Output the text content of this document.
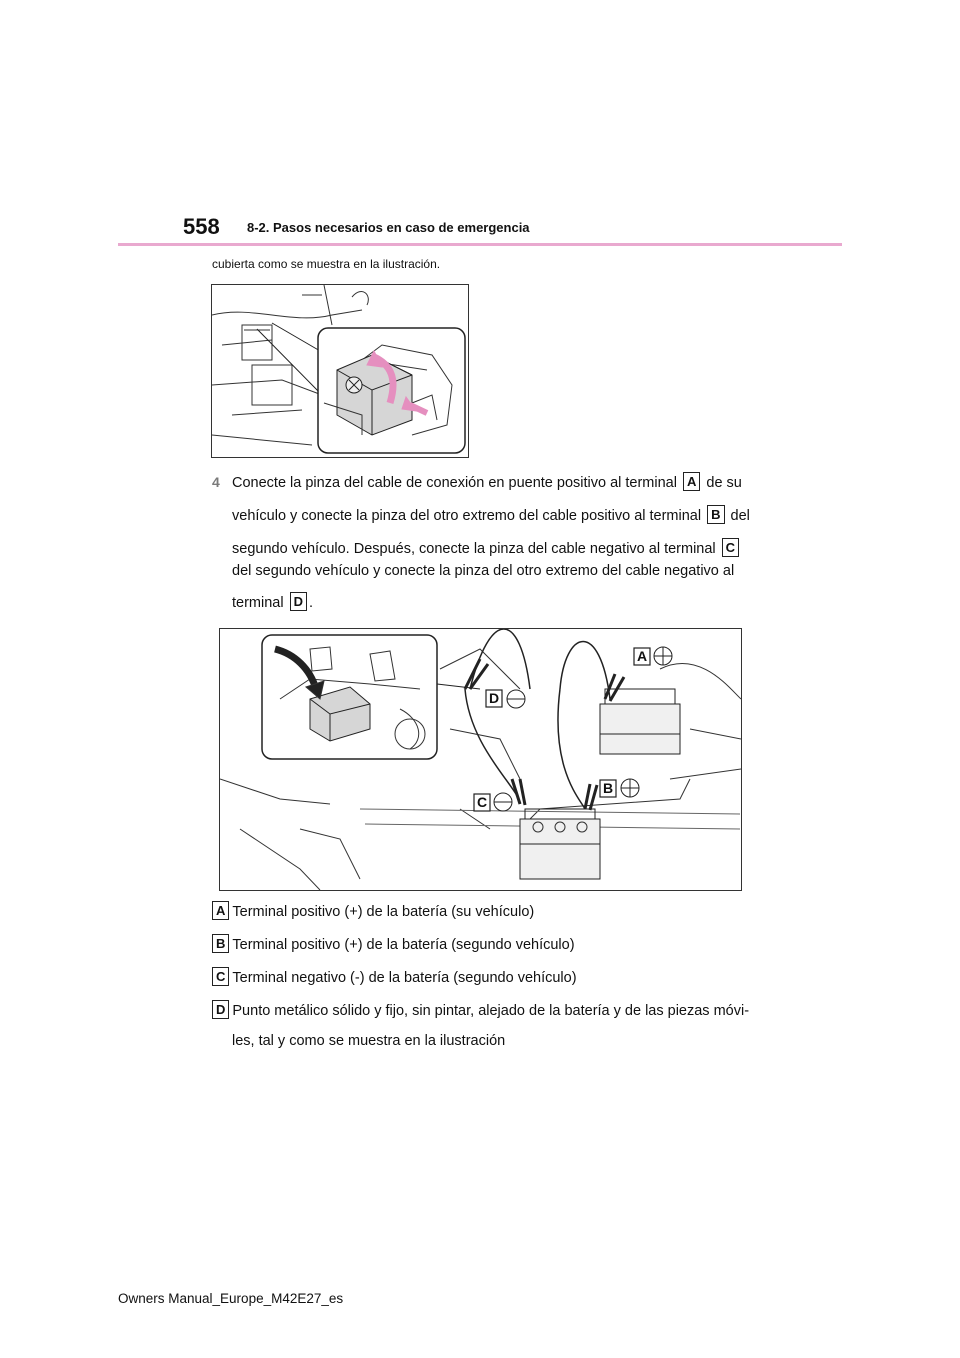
558 8-2. Pasos necesarios en caso de emergencia
cubierta como se muestra en la ilustración.
4 Conecte la pinza del cable de conexión en puente positivo al terminal A de su
vehículo y conecte la pinza del otro extremo del cable positivo al terminal B del
segundo vehículo. Después, conecte la pinza del cable negativo al terminal C
del segundo vehículo y conecte la pinza del otro extremo del cable negativo al
terminal D .
A
D
C
B
A Terminal positivo (+) de la batería (su vehículo)
B Terminal positivo (+) de la batería (segundo vehículo)
C Terminal negativo (-) de la batería (segundo vehículo)
D Punto metálico sólido y fijo, sin pintar, alejado de la batería y de las piezas móvi-
les, tal y como se muestra en la ilustración
Owners Manual_Europe_M42E27_es
